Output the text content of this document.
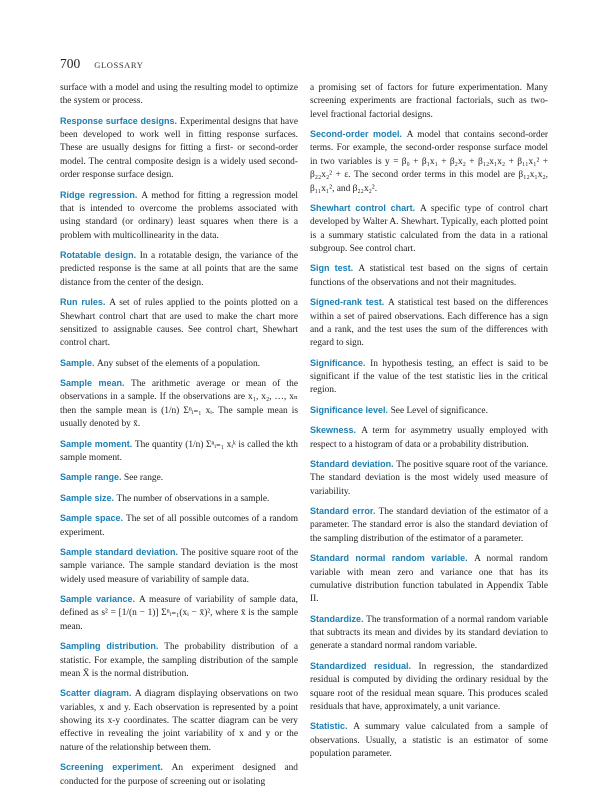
700 GLOSSARY

surface with a model and using the resulting model to optimize the system or process.

Response surface designs. Experimental designs that have been developed to work well in fitting response surfaces. These are usually designs for fitting a first- or second-order model. The central composite design is a widely used second-order response surface design.

Ridge regression. A method for fitting a regression model that is intended to overcome the problems associated with using standard (or ordinary) least squares when there is a problem with multicollinearity in the data.

Rotatable design. In a rotatable design, the variance of the predicted response is the same at all points that are the same distance from the center of the design.

Run rules. A set of rules applied to the points plotted on a Shewhart control chart that are used to make the chart more sensitized to assignable causes. See control chart, Shewhart control chart.

Sample. Any subset of the elements of a population.

Sample mean. The arithmetic average or mean of the observations in a sample. If the observations are x₁, x₂, …, xₙ then the sample mean is (1/n) Σⁿᵢ₌₁ xᵢ. The sample mean is usually denoted by x̄.

Sample moment. The quantity (1/n) Σⁿᵢ₌₁ xᵢᵏ is called the kth sample moment.

Sample range. See range.

Sample size. The number of observations in a sample.

Sample space. The set of all possible outcomes of a random experiment.

Sample standard deviation. The positive square root of the sample variance. The sample standard deviation is the most widely used measure of variability of sample data.

Sample variance. A measure of variability of sample data, defined as s² = [1/(n − 1)] Σⁿᵢ₌₁(xᵢ − x̄)², where x̄ is the sample mean.

Sampling distribution. The probability distribution of a statistic. For example, the sampling distribution of the sample mean X̄ is the normal distribution.

Scatter diagram. A diagram displaying observations on two variables, x and y. Each observation is represented by a point showing its x-y coordinates. The scatter diagram can be very effective in revealing the joint variability of x and y or the nature of the relationship between them.

Screening experiment. An experiment designed and conducted for the purpose of screening out or isolating

a promising set of factors for future experimentation. Many screening experiments are fractional factorials, such as two-level fractional factorial designs.

Second-order model. A model that contains second-order terms. For example, the second-order response surface model in two variables is y = β₀ + β₁x₁ + β₂x₂ + β₁₂x₁x₂ + β₁₁x₁² + β₂₂x₂² + ε. The second order terms in this model are β₁₂x₁x₂, β₁₁x₁², and β₂₂x₂².

Shewhart control chart. A specific type of control chart developed by Walter A. Shewhart. Typically, each plotted point is a summary statistic calculated from the data in a rational subgroup. See control chart.

Sign test. A statistical test based on the signs of certain functions of the observations and not their magnitudes.

Signed-rank test. A statistical test based on the differences within a set of paired observations. Each difference has a sign and a rank, and the test uses the sum of the differences with regard to sign.

Significance. In hypothesis testing, an effect is said to be significant if the value of the test statistic lies in the critical region.

Significance level. See Level of significance.

Skewness. A term for asymmetry usually employed with respect to a histogram of data or a probability distribution.

Standard deviation. The positive square root of the variance. The standard deviation is the most widely used measure of variability.

Standard error. The standard deviation of the estimator of a parameter. The standard error is also the standard deviation of the sampling distribution of the estimator of a parameter.

Standard normal random variable. A normal random variable with mean zero and variance one that has its cumulative distribution function tabulated in Appendix Table II.

Standardize. The transformation of a normal random variable that subtracts its mean and divides by its standard deviation to generate a standard normal random variable.

Standardized residual. In regression, the standardized residual is computed by dividing the ordinary residual by the square root of the residual mean square. This produces scaled residuals that have, approximately, a unit variance.

Statistic. A summary value calculated from a sample of observations. Usually, a statistic is an estimator of some population parameter.
